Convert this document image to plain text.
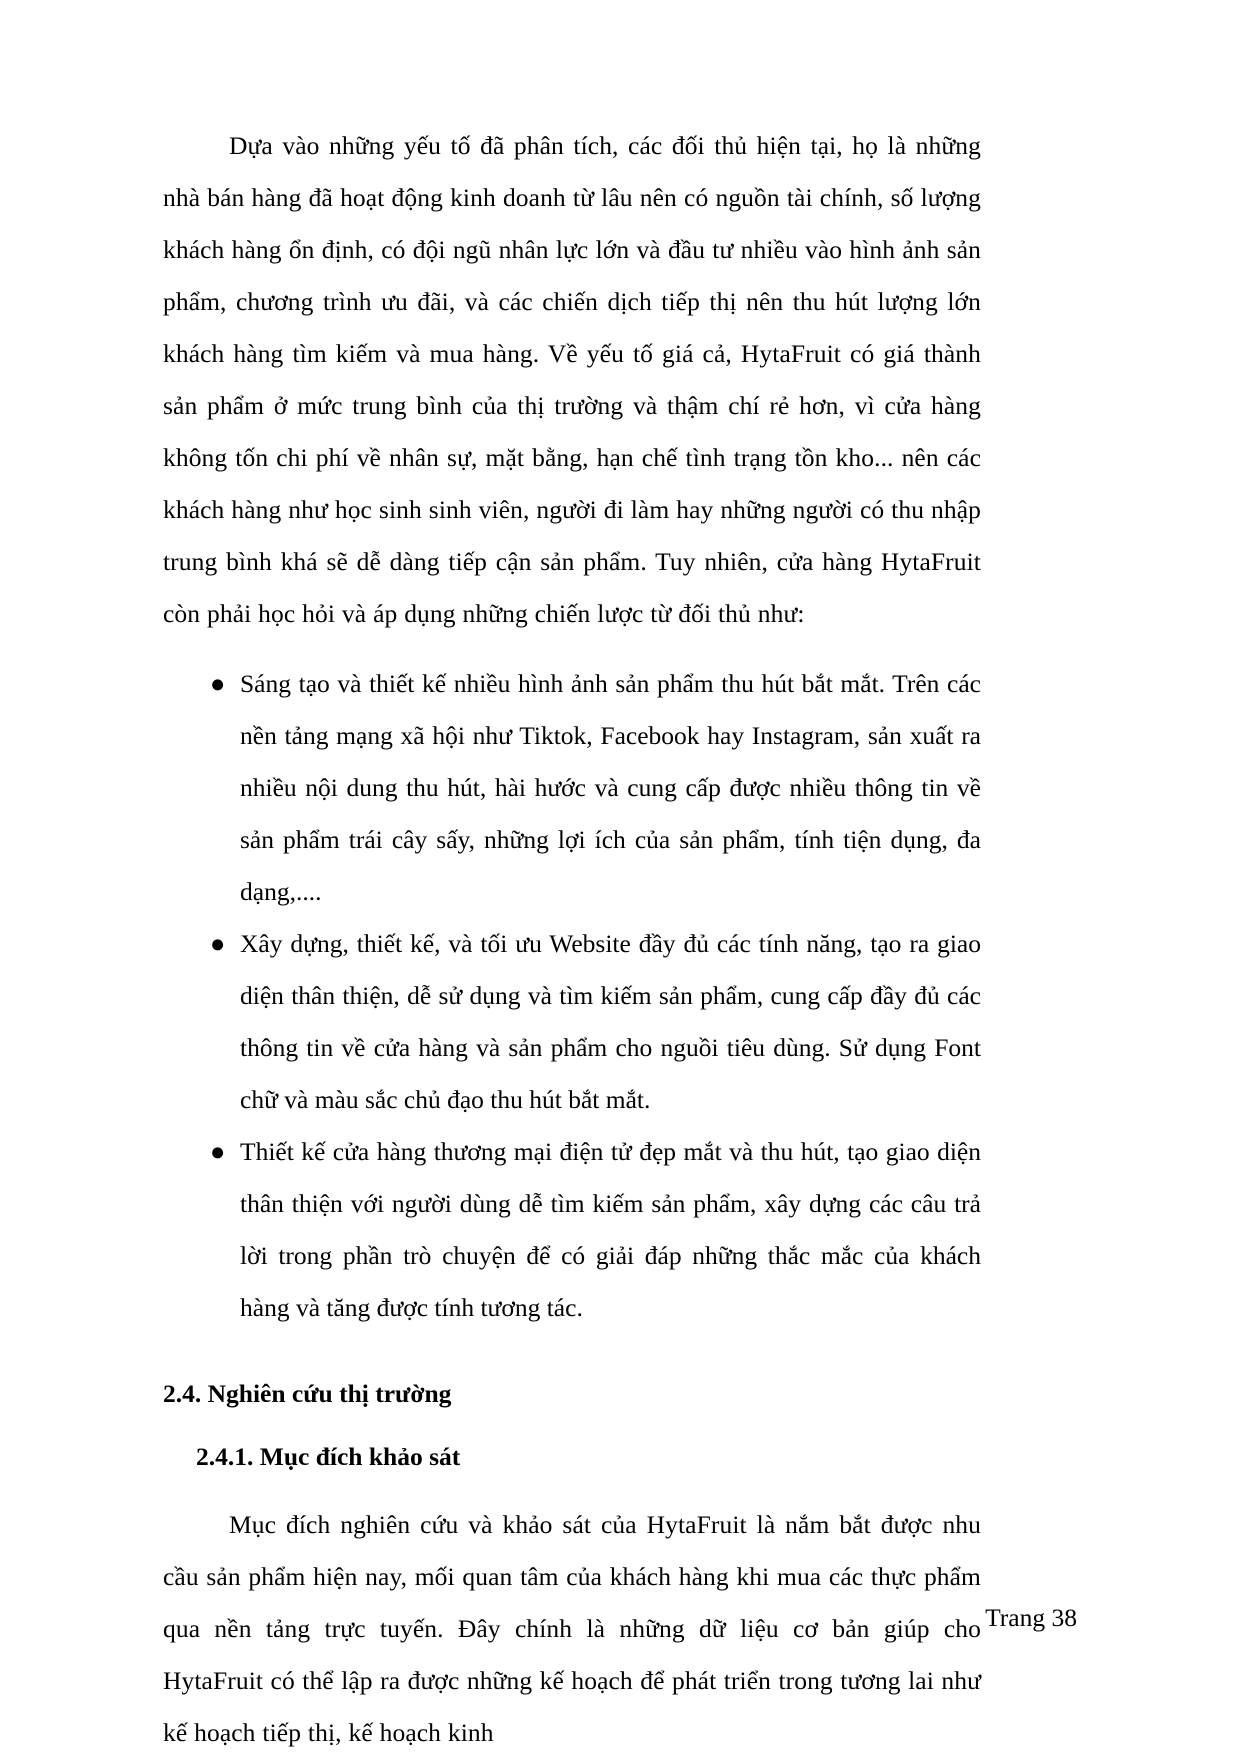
Dựa vào những yếu tố đã phân tích, các đối thủ hiện tại, họ là những nhà bán hàng đã hoạt động kinh doanh từ lâu nên có nguồn tài chính, số lượng khách hàng ổn định, có đội ngũ nhân lực lớn và đầu tư nhiều vào hình ảnh sản phẩm, chương trình ưu đãi, và các chiến dịch tiếp thị nên thu hút lượng lớn khách hàng tìm kiếm và mua hàng. Về yếu tố giá cả, HytaFruit có giá thành sản phẩm ở mức trung bình của thị trường và thậm chí rẻ hơn, vì cửa hàng không tốn chi phí về nhân sự, mặt bằng, hạn chế tình trạng tồn kho... nên các khách hàng như học sinh sinh viên, người đi làm hay những người có thu nhập trung bình khá sẽ dễ dàng tiếp cận sản phẩm. Tuy nhiên, cửa hàng HytaFruit còn phải học hỏi và áp dụng những chiến lược từ đối thủ như:

● Sáng tạo và thiết kế nhiều hình ảnh sản phẩm thu hút bắt mắt. Trên các nền tảng mạng xã hội như Tiktok, Facebook hay Instagram, sản xuất ra nhiều nội dung thu hút, hài hước và cung cấp được nhiều thông tin về sản phẩm trái cây sấy, những lợi ích của sản phẩm, tính tiện dụng, đa dạng,....
● Xây dựng, thiết kế, và tối ưu Website đầy đủ các tính năng, tạo ra giao diện thân thiện, dễ sử dụng và tìm kiếm sản phẩm, cung cấp đầy đủ các thông tin về cửa hàng và sản phẩm cho nguồi tiêu dùng. Sử dụng Font chữ và màu sắc chủ đạo thu hút bắt mắt.
● Thiết kế cửa hàng thương mại điện tử đẹp mắt và thu hút, tạo giao diện thân thiện với người dùng dễ tìm kiếm sản phẩm, xây dựng các câu trả lời trong phần trò chuyện để có giải đáp những thắc mắc của khách hàng và tăng được tính tương tác.
2.4. Nghiên cứu thị trường
2.4.1. Mục đích khảo sát

Mục đích nghiên cứu và khảo sát của HytaFruit là nắm bắt được nhu cầu sản phẩm hiện nay, mối quan tâm của khách hàng khi mua các thực phẩm qua nền tảng trực tuyến. Đây chính là những dữ liệu cơ bản giúp cho HytaFruit có thể lập ra được những kế hoạch để phát triển trong tương lai như kế hoạch tiếp thị, kế hoạch kinh

Trang 38
